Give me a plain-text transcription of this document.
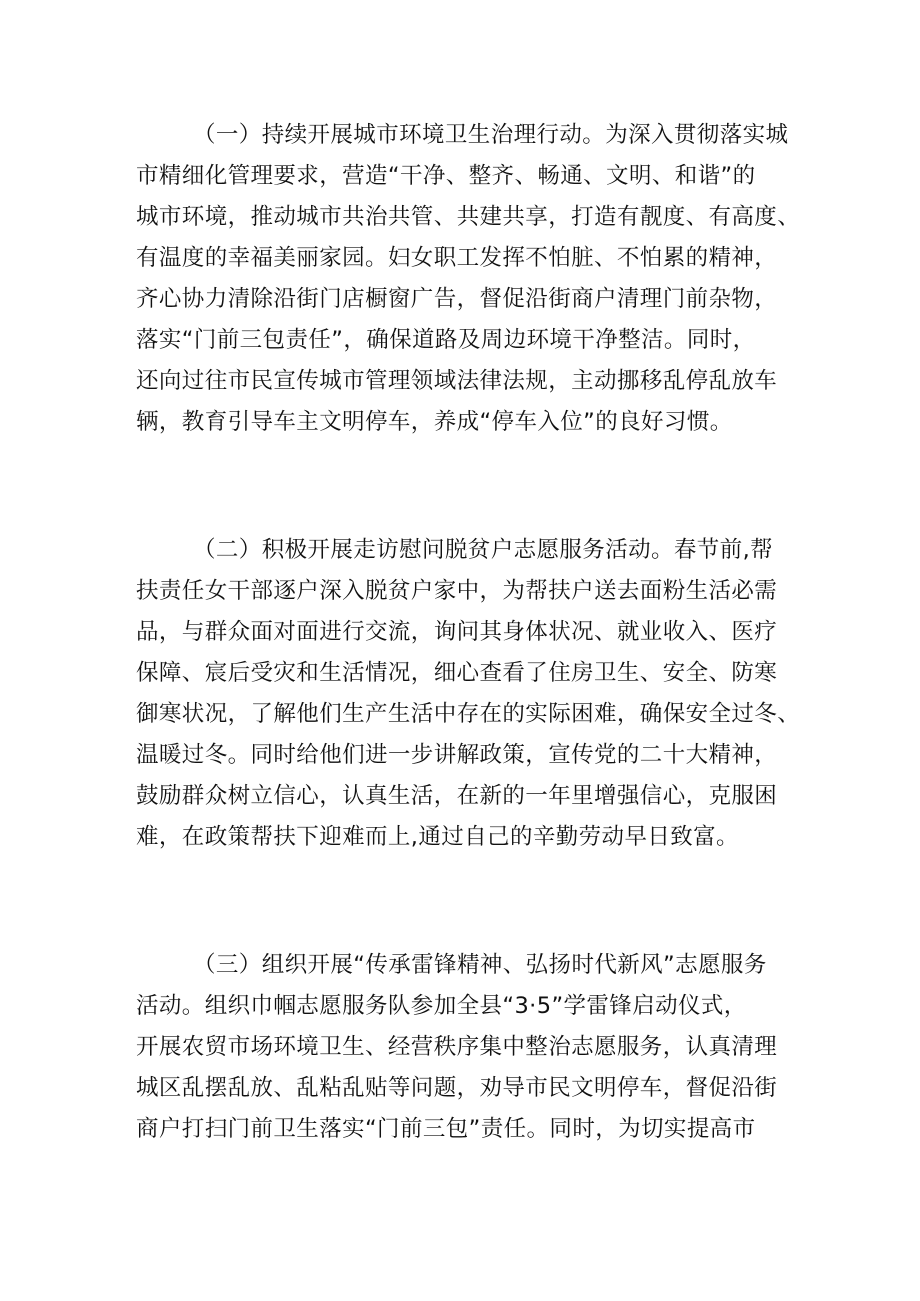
（一）持续开展城市环境卫生治理行动。为深入贯彻落实城
市精细化管理要求，营造“干净、整齐、畅通、文明、和谐”的
城市环境，推动城市共治共管、共建共享，打造有靓度、有高度、
有温度的幸福美丽家园。妇女职工发挥不怕脏、不怕累的精神，
齐心协力清除沿街门店橱窗广告，督促沿街商户清理门前杂物，
落实“门前三包责任”，确保道路及周边环境干净整洁。同时，
还向过往市民宣传城市管理领域法律法规，主动挪移乱停乱放车
辆，教育引导车主文明停车，养成“停车入位”的良好习惯。
（二）积极开展走访慰问脱贫户志愿服务活动。春节前,帮
扶责任女干部逐户深入脱贫户家中，为帮扶户送去面粉生活必需
品，与群众面对面进行交流，询问其身体状况、就业收入、医疗
保障、宸后受灾和生活情况，细心查看了住房卫生、安全、防寒
御寒状况，了解他们生产生活中存在的实际困难，确保安全过冬、
温暖过冬。同时给他们进一步讲解政策，宣传党的二十大精神，
鼓励群众树立信心，认真生活，在新的一年里增强信心，克服困
难，在政策帮扶下迎难而上,通过自己的辛勤劳动早日致富。
（三）组织开展“传承雷锋精神、弘扬时代新风”志愿服务
活动。组织巾帼志愿服务队参加全县“3·5”学雷锋启动仪式，
开展农贸市场环境卫生、经营秩序集中整治志愿服务，认真清理
城区乱摆乱放、乱粘乱贴等问题，劝导市民文明停车，督促沿街
商户打扫门前卫生落实“门前三包”责任。同时，为切实提高市
